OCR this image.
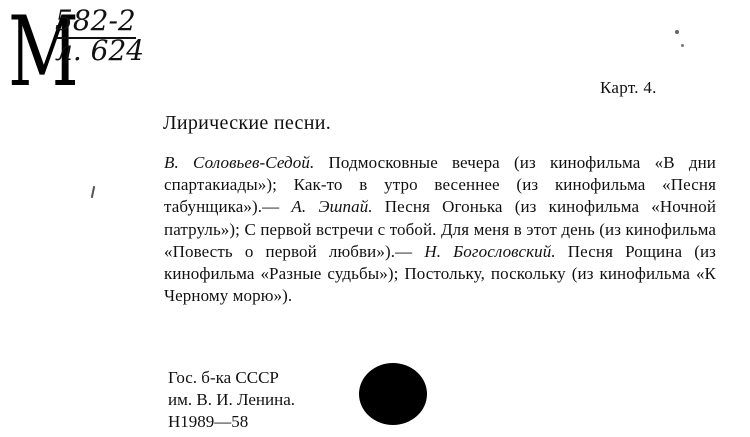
M
582-2
л. 624
Карт. 4.
Лирические песни.
В. Соловьев-Седой. Подмосковные вечера (из кинофильма «В дни спартакиады»); Как-то в утро весеннее (из кинофильма «Песня табунщика»).— А. Эшпай. Песня Огонька (из кинофильма «Ночной патруль»); С первой встречи с тобой. Для меня в этот день (из кинофильма «Повесть о первой любви»).— Н. Богословский. Песня Рощина (из кинофильма «Разные судьбы»); Постольку, поскольку (из кинофильма «К Черному морю»).
Гос. б-ка СССР
им. В. И. Ленина.
Н1989—58
